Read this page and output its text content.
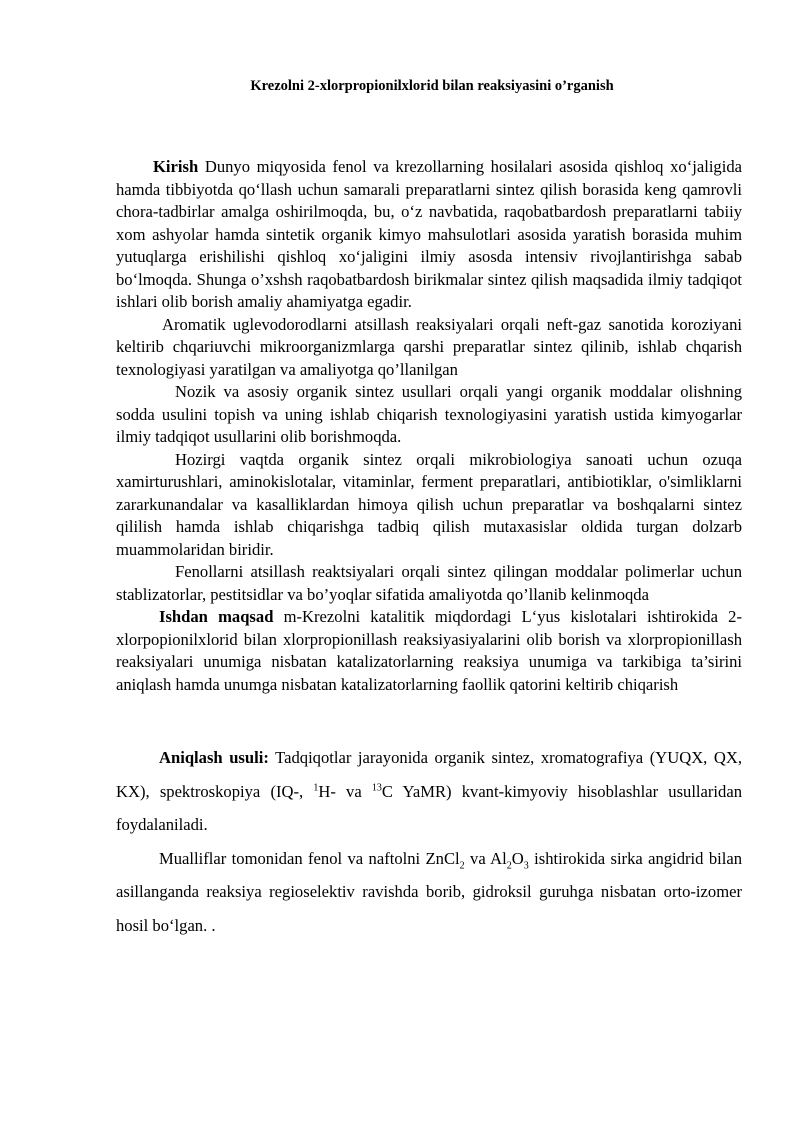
Krezolni 2-xlorpropionilxlorid bilan reaksiyasini o’rganish

Kirish Dunyo miqyosida fenol va krezollarning hosilalari asosida qishloq xo‘jaligida hamda tibbiyotda qo‘llash uchun samarali preparatlarni sintez qilish borasida keng qamrovli chora-tadbirlar amalga oshirilmoqda, bu, o‘z navbatida, raqobatbardosh preparatlarni tabiiy xom ashyolar hamda sintetik organik kimyo mahsulotlari asosida yaratish borasida muhim yutuqlarga erishilishi qishloq xo‘jaligini ilmiy asosda intensiv rivojlantirishga sabab bo‘lmoqda. Shunga o’xshsh raqobatbardosh birikmalar sintez qilish maqsadida ilmiy tadqiqot ishlari olib borish amaliy ahamiyatga egadir.

Aromatik uglevodorodlarni atsillash reaksiyalari orqali neft-gaz sanotida koroziyani keltirib chqariuvchi mikroorganizmlarga qarshi preparatlar sintez qilinib, ishlab chqarish texnologiyasi yaratilgan va amaliyotga qo’llanilgan

Nozik va asosiy organik sintez usullari orqali yangi organik moddalar olishning sodda usulini topish va uning ishlab chiqarish texnologiyasini yaratish ustida kimyogarlar ilmiy tadqiqot usullarini olib borishmoqda.

Hozirgi vaqtda organik sintez orqali mikrobiologiya sanoati uchun ozuqa xamirturushlari, aminokislotalar, vitaminlar, ferment preparatlari, antibiotiklar, o'simliklarni zararkunandalar va kasalliklardan himoya qilish uchun preparatlar va boshqalarni sintez qililish hamda ishlab chiqarishga tadbiq qilish mutaxasislar oldida turgan dolzarb muammolaridan biridir.

Fenollarni atsillash reaktsiyalari orqali sintez qilingan moddalar polimerlar uchun stablizatorlar, pestitsidlar va bo’yoqlar sifatida amaliyotda qo’llanib kelinmoqda

Ishdan maqsad m-Krezolni katalitik miqdordagi L‘yus kislotalari ishtirokida 2-xlorpopionilxlorid bilan xlorpropionillash reaksiyasiyalarini olib borish va xlorpropionillash reaksiyalari unumiga nisbatan katalizatorlarning reaksiya unumiga va tarkibiga ta’sirini aniqlash hamda unumga nisbatan katalizatorlarning faollik qatorini keltirib chiqarish

Aniqlash usuli: Tadqiqotlar jarayonida organik sintez, xromatografiya (YUQX, QX, KX), spektroskopiya (IQ-, $^1$H- va $^{13}$C YaMR) kvant-kimyoviy hisoblashlar usullaridan foydalaniladi.

Mualliflar tomonidan fenol va naftolni ZnCl$_2$ va $Al_2O_3$ ishtirokida sirka angidrid bilan asillanganda reaksiya regioselektiv ravishda borib, gidroksil guruhga nisbatan orto-izomer hosil bo‘lgan. .
